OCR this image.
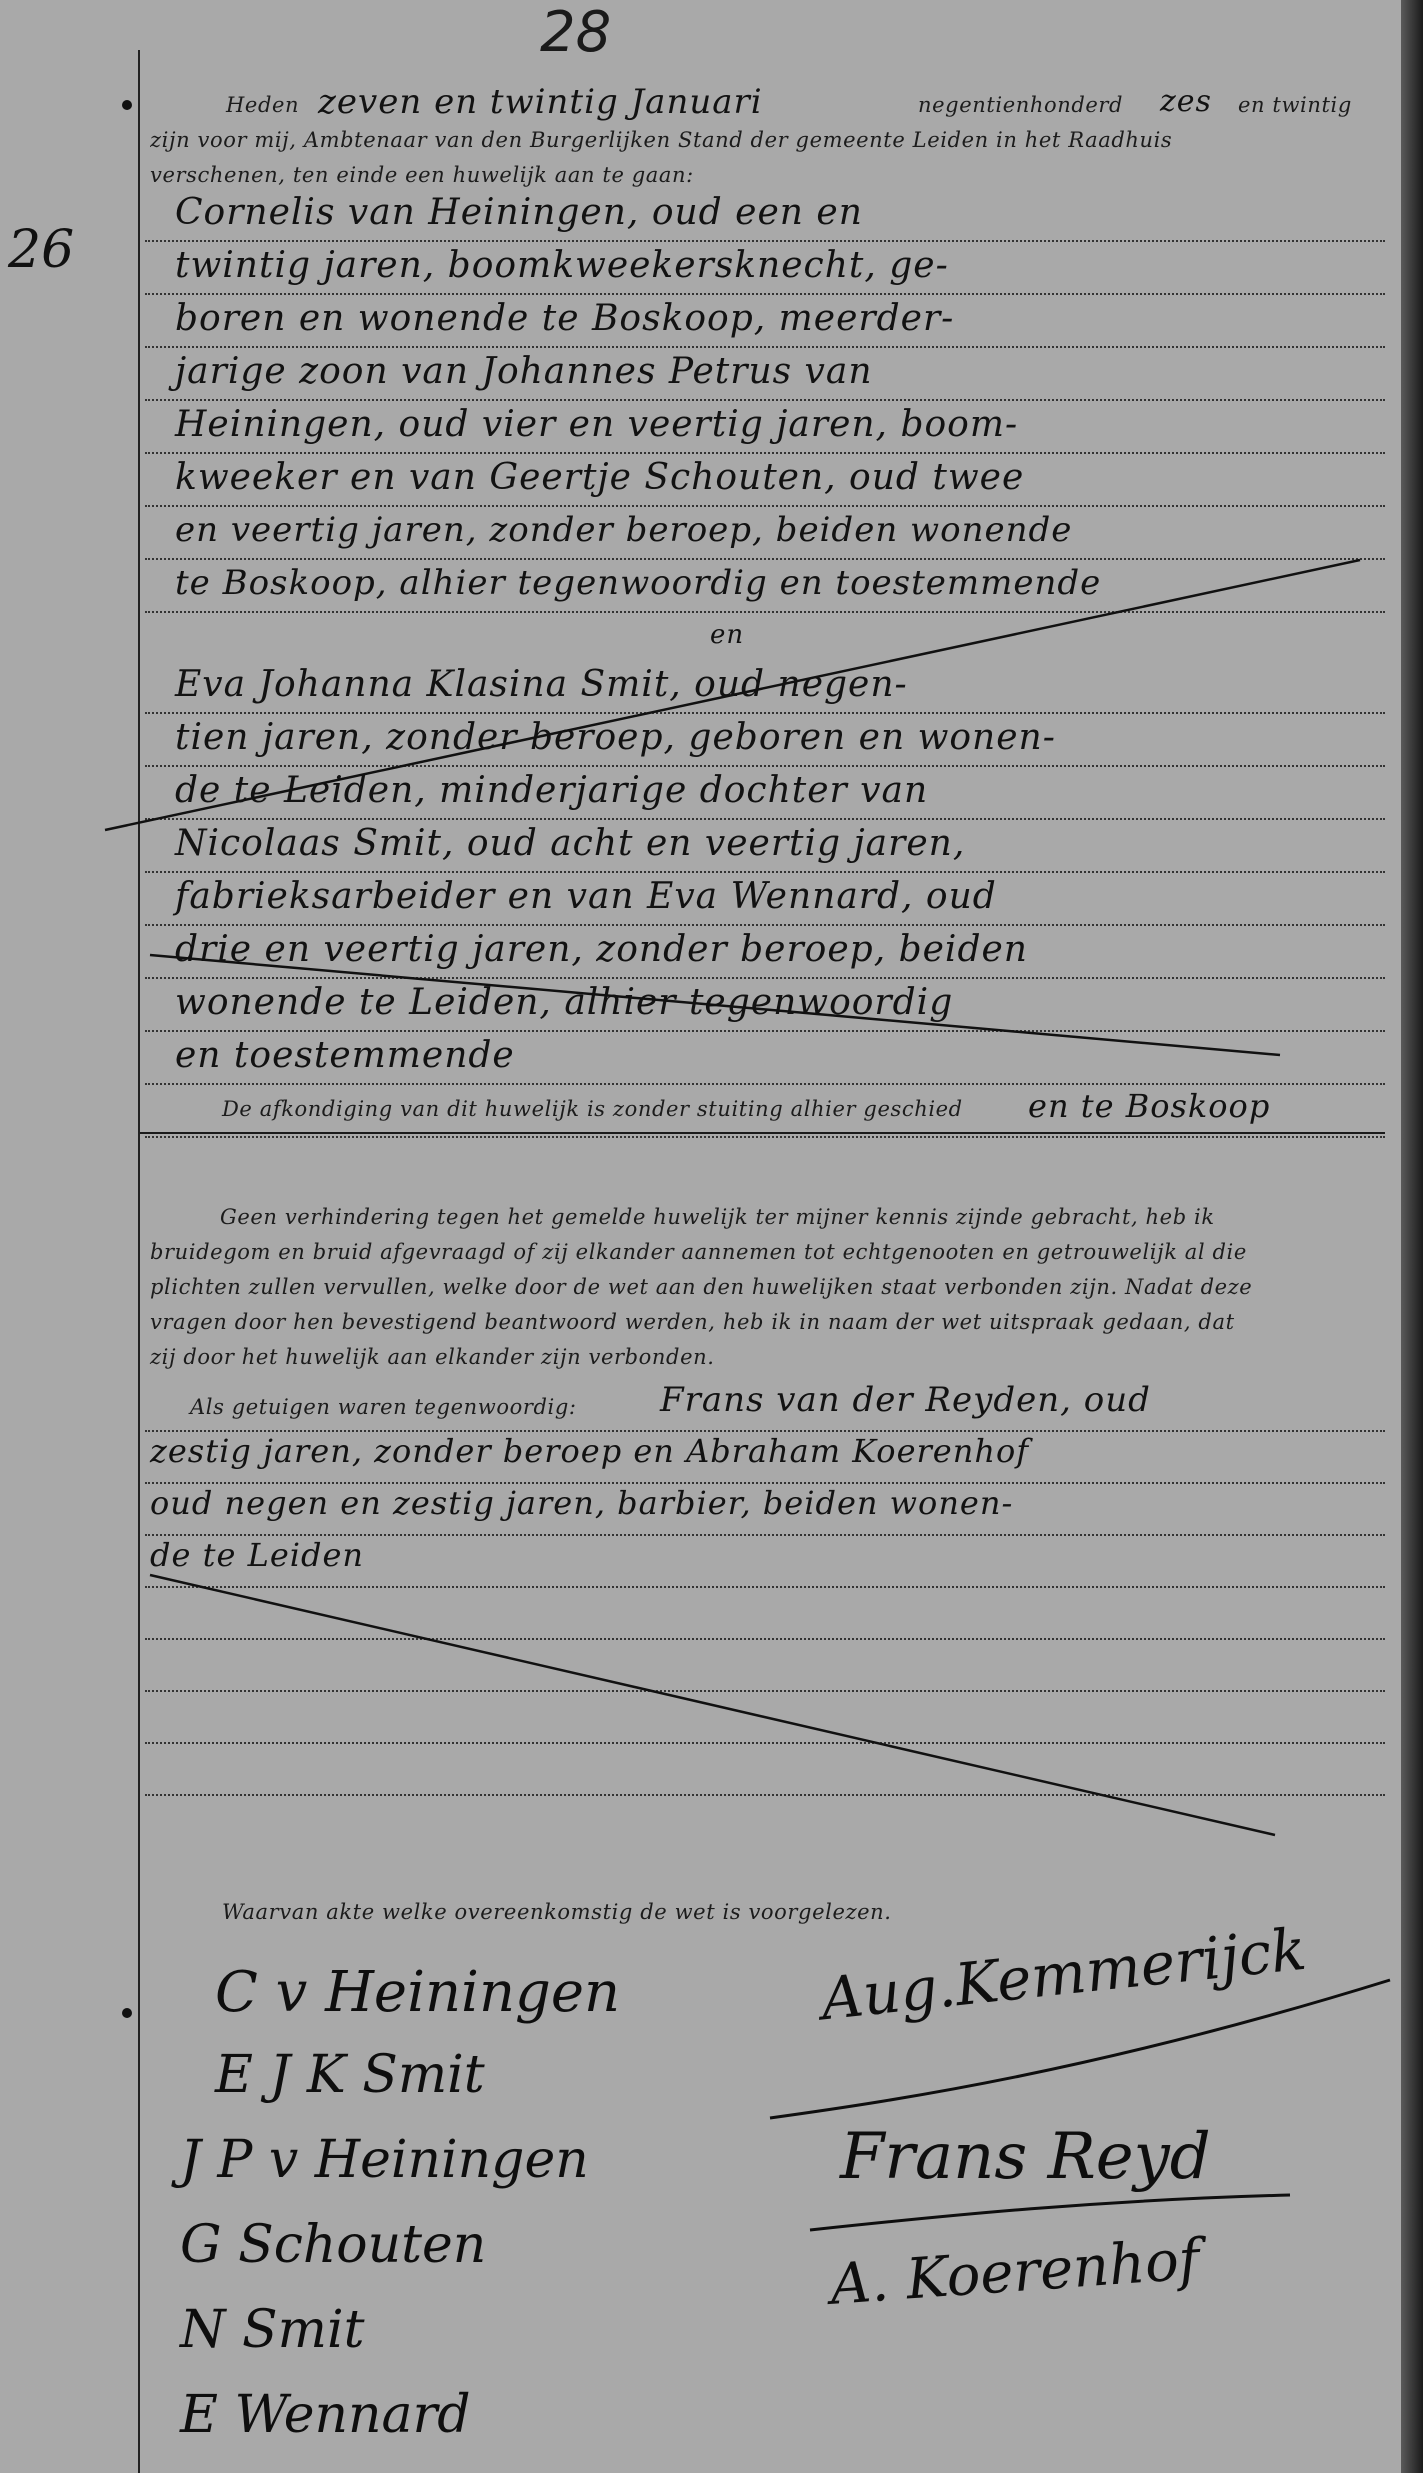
28
26
Heden zeven en twintig Januari	negentienhonderd zes en twintig
zijn voor mij, Ambtenaar van den Burgerlijken Stand der gemeente Leiden in het Raadhuis
verschenen, ten einde een huwelijk aan te gaan:
Cornelis van Heiningen, oud een en
twintig jaren, boomkweekersknecht, ge-
boren en wonende te Boskoop, meerder-
jarige zoon van Johannes Petrus van
Heiningen, oud vier en veertig jaren, boom-
kweeker en van Geertje Schouten, oud twee
en veertig jaren, zonder beroep, beiden wonende
te Boskoop, alhier tegenwoordig en toestemmende
en
Eva Johanna Klasina Smit, oud negen-
tien jaren, zonder beroep, geboren en wonen-
de te Leiden, minderjarige dochter van
Nicolaas Smit, oud acht en veertig jaren,
fabrieksarbeider en van Eva Wennard, oud
drie en veertig jaren, zonder beroep, beiden
wonende te Leiden, alhier tegenwoordig
en toestemmende
De afkondiging van dit huwelijk is zonder stuiting alhier geschied en te Boskoop
Geen verhindering tegen het gemelde huwelijk ter mijner kennis zijnde gebracht, heb ik
bruidegom en bruid afgevraagd of zij elkander aannemen tot echtgenooten en getrouwelijk al die
plichten zullen vervullen, welke door de wet aan den huwelijken staat verbonden zijn. Nadat deze
vragen door hen bevestigend beantwoord werden, heb ik in naam der wet uitspraak gedaan, dat
zij door het huwelijk aan elkander zijn verbonden.
Als getuigen waren tegenwoordig: Frans van der Reyden, oud
zestig jaren, zonder beroep en Abraham Koerenhof
oud negen en zestig jaren, barbier, beiden wonen-
de te Leiden
Waarvan akte welke overeenkomstig de wet is voorgelezen.
C v Heiningen
E J K Smit
J P v Heiningen
G Schouten
N Smit
E Wennard
Aug.Kemmerijck
Frans Reyd
A. Koerenhof
